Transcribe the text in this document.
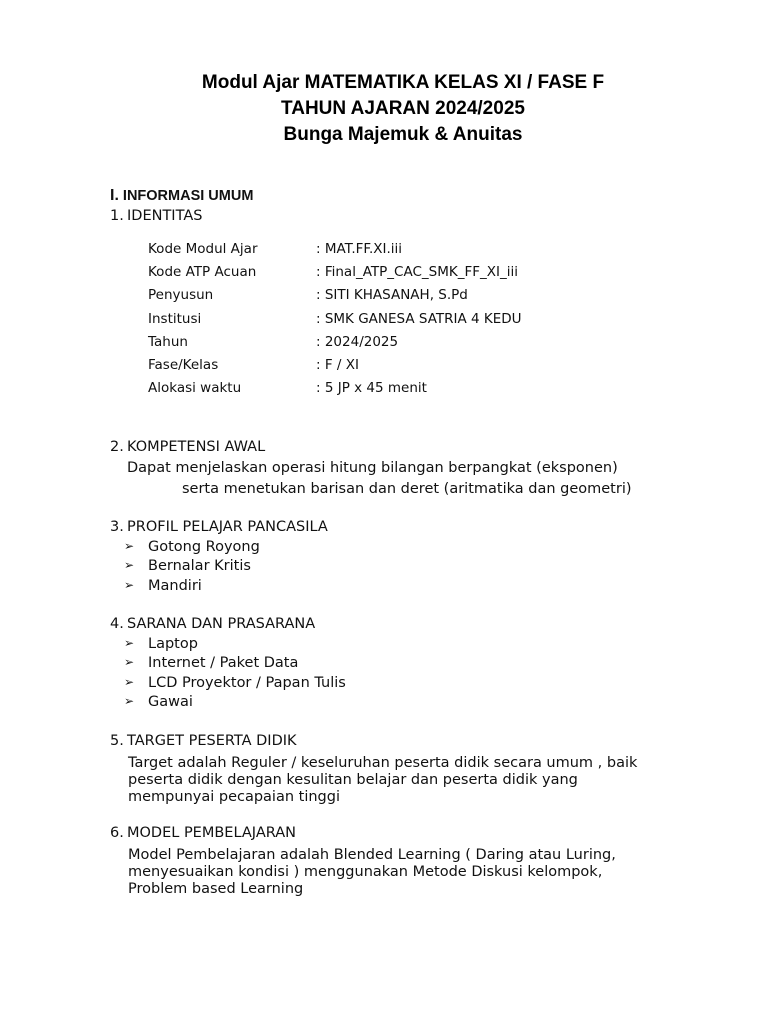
Modul Ajar MATEMATIKA KELAS XI / FASE F
TAHUN AJARAN 2024/2025
Bunga Majemuk & Anuitas
I. INFORMASI UMUM
1. IDENTITAS
Kode Modul Ajar	: MAT.FF.XI.iii
Kode ATP Acuan	: Final_ATP_CAC_SMK_FF_XI_iii
Penyusun	: SITI KHASANAH, S.Pd
Institusi	: SMK GANESA SATRIA 4 KEDU
Tahun	: 2024/2025
Fase/Kelas	: F / XI
Alokasi waktu	: 5 JP x 45 menit
2. KOMPETENSI AWAL
Dapat menjelaskan operasi hitung bilangan berpangkat (eksponen)
serta menetukan barisan dan deret (aritmatika dan geometri)
3. PROFIL PELAJAR PANCASILA
➢ Gotong Royong
➢ Bernalar Kritis
➢ Mandiri
4. SARANA DAN PRASARANA
➢ Laptop
➢ Internet / Paket Data
➢ LCD Proyektor / Papan Tulis
➢ Gawai
5. TARGET PESERTA DIDIK
Target adalah Reguler / keseluruhan peserta didik secara umum , baik
peserta didik dengan kesulitan belajar dan peserta didik yang
mempunyai pecapaian tinggi
6. MODEL PEMBELAJARAN
Model Pembelajaran adalah Blended Learning ( Daring atau Luring,
menyesuaikan kondisi ) menggunakan Metode Diskusi kelompok,
Problem based Learning
